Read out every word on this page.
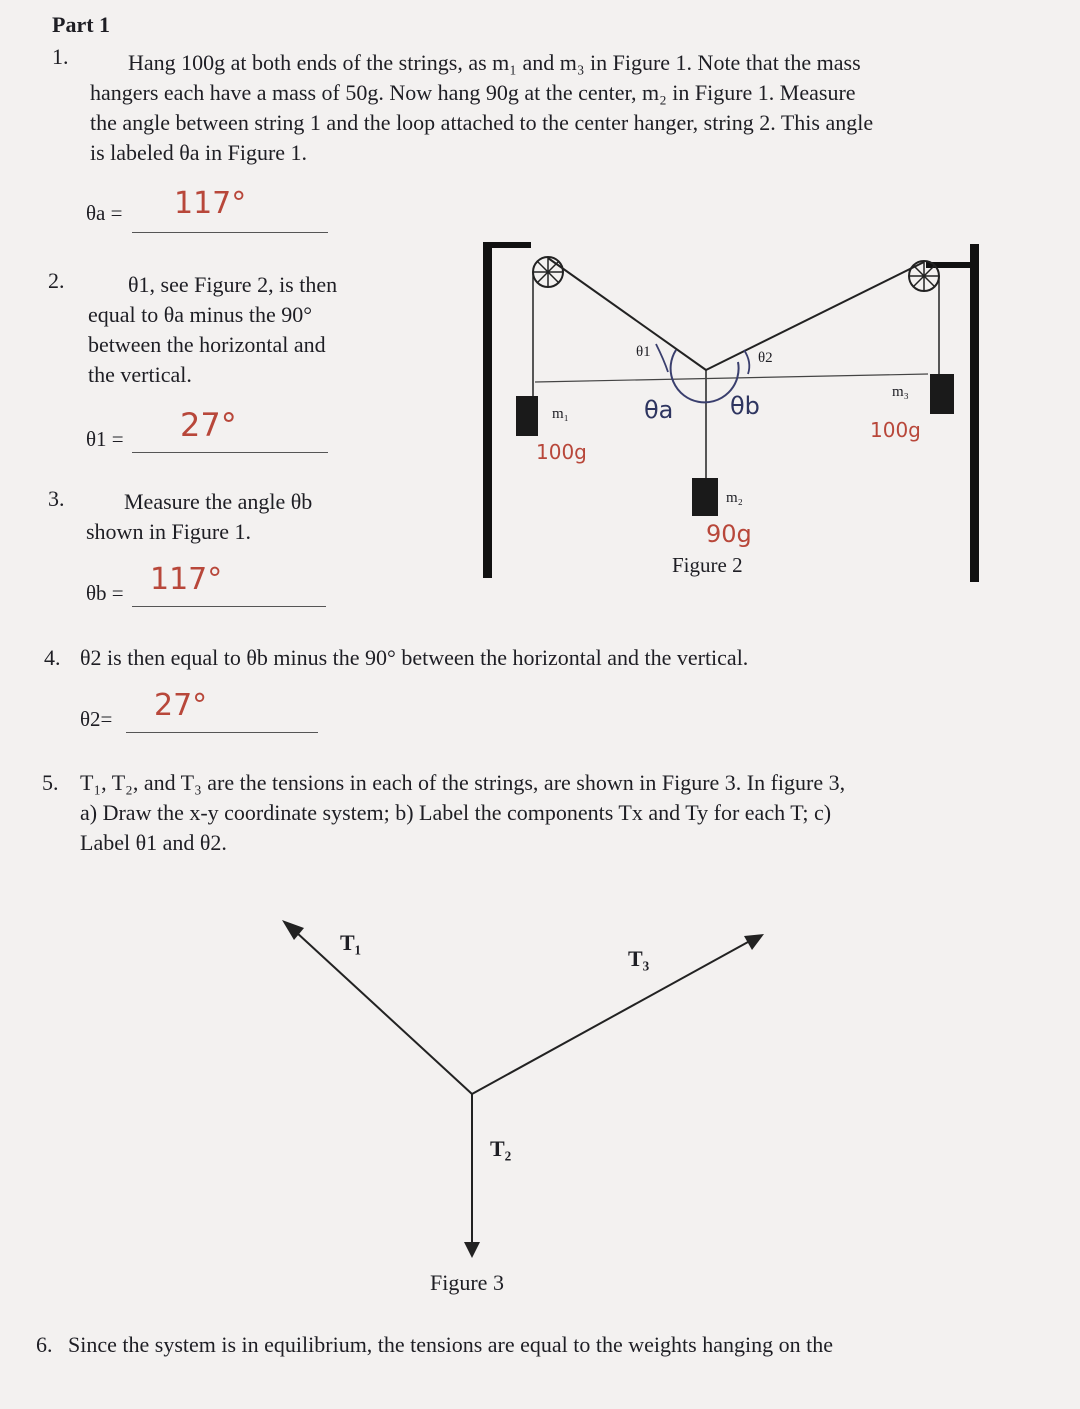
Part 1
1.	Hang 100g at both ends of the strings, as m₁ and m₃ in Figure 1. Note that the mass
hangers each have a mass of 50g. Now hang 90g at the center, m₂ in Figure 1. Measure
the angle between string 1 and the loop attached to the center hanger, string 2. This angle
is labeled θa in Figure 1.
θa = 117°
2.	θ1, see Figure 2, is then
equal to θa minus the 90°
between the horizontal and
the vertical.
θ1 = 27°
3.	Measure the angle θb
shown in Figure 1.
θb = 117°
m₁
100g
m₂
90g
m₃
100g
θ1	θ2
θa θb
Figure 2
4. θ2 is then equal to θb minus the 90° between the horizontal and the vertical.
θ2= 27°
5. T₁, T₂, and T₃ are the tensions in each of the strings, are shown in Figure 3. In figure 3,
a) Draw the x-y coordinate system; b) Label the components Tx and Ty for each T; c)
Label θ1 and θ2.
T₁
T₃
T₂
Figure 3
6. Since the system is in equilibrium, the tensions are equal to the weights hanging on the
